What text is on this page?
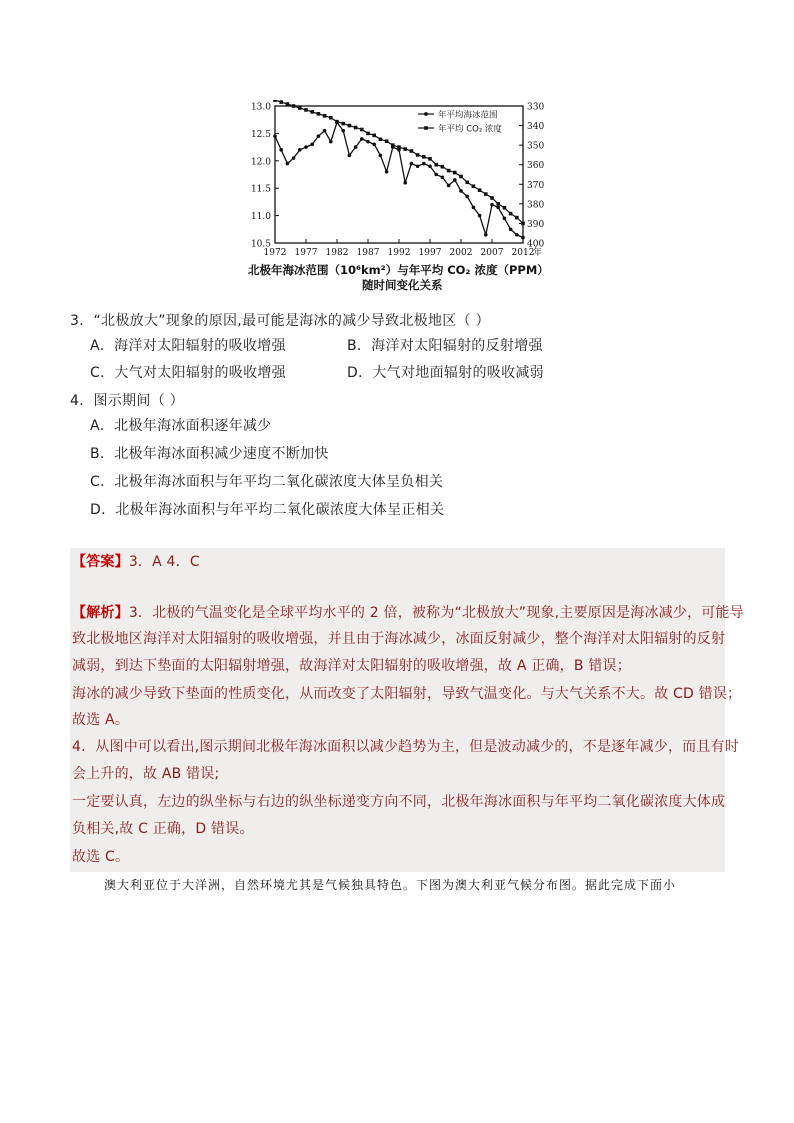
13.0
12.5
12.0
11.5
11.0
10.5
330
340
350
360
370
380
390
400
1972 1977 1982 1987 1992 1997 2002 2007 2012
年
年平均海冰范围
年平均 CO₂ 浓度
北极年海冰范围（10⁶km²）与年平均 CO₂ 浓度（PPM）
随时间变化关系
3．“北极放大”现象的原因,最可能是海冰的减少导致北极地区（ ）
A．海洋对太阳辐射的吸收增强	B．海洋对太阳辐射的反射增强
C．大气对太阳辐射的吸收增强	D．大气对地面辐射的吸收减弱
4．图示期间（ ）
A．北极年海冰面积逐年减少
B．北极年海冰面积减少速度不断加快
C．北极年海冰面积与年平均二氧化碳浓度大体呈负相关
D．北极年海冰面积与年平均二氧化碳浓度大体呈正相关
【答案】3．A 4．C
【解析】3．北极的气温变化是全球平均水平的 2 倍，被称为“北极放大”现象,主要原因是海冰减少，可能导
致北极地区海洋对太阳辐射的吸收增强，并且由于海冰减少，冰面反射减少，整个海洋对太阳辐射的反射
减弱，到达下垫面的太阳辐射增强，故海洋对太阳辐射的吸收增强，故 A 正确，B 错误；
海冰的减少导致下垫面的性质变化，从而改变了太阳辐射，导致气温变化。与大气关系不大。故 CD 错误；
故选 A。
4．从图中可以看出,图示期间北极年海冰面积以减少趋势为主，但是波动减少的，不是逐年减少，而且有时
会上升的，故 AB 错误;
一定要认真，左边的纵坐标与右边的纵坐标递变方向不同，北极年海冰面积与年平均二氧化碳浓度大体成
负相关,故 C 正确，D 错误。
故选 C。
澳大利亚位于大洋洲，自然环境尤其是气候独具特色。下图为澳大利亚气候分布图。据此完成下面小
